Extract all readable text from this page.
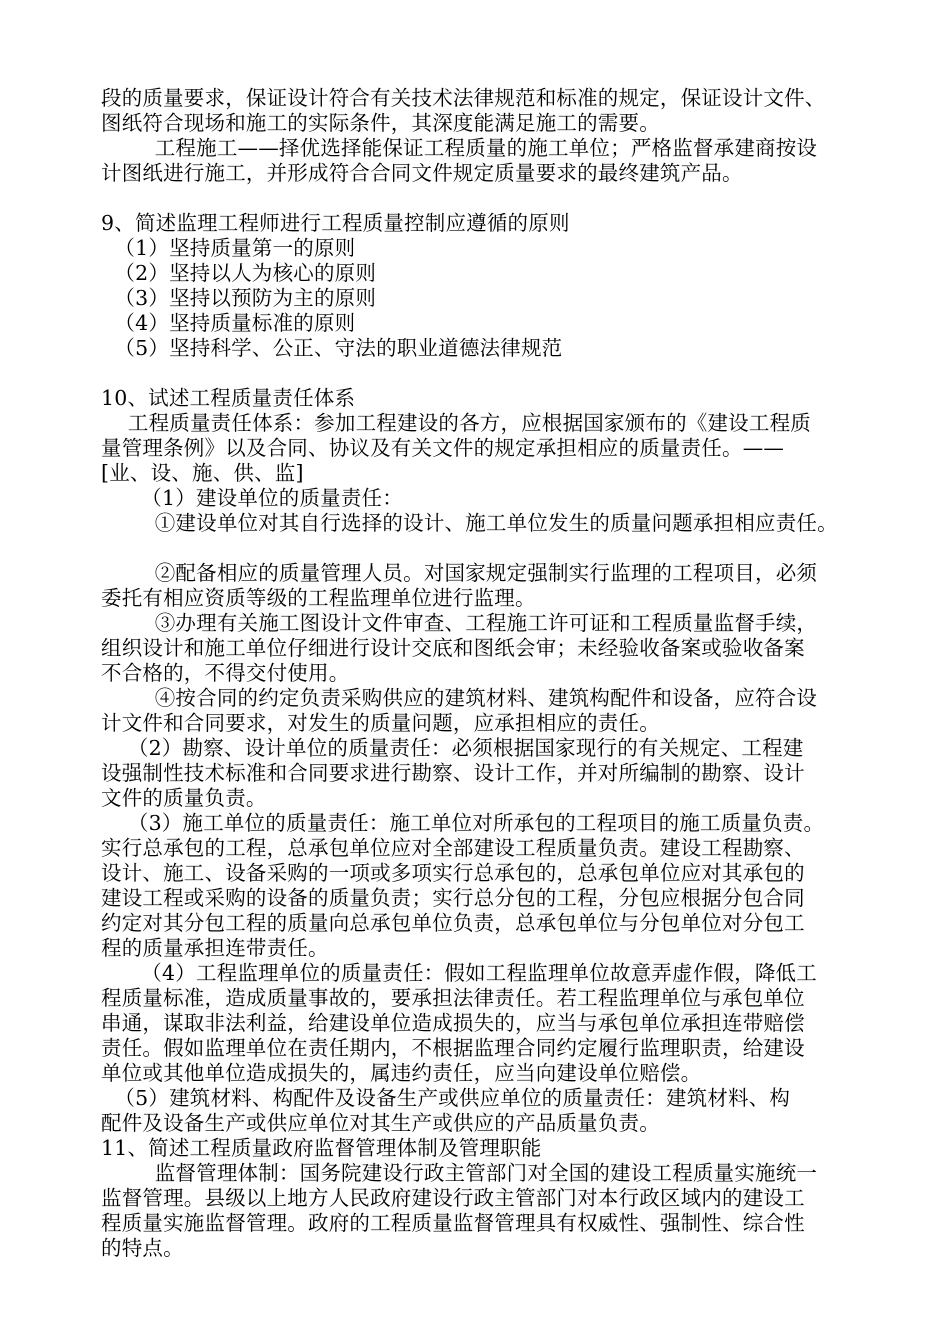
段的质量要求，保证设计符合有关技术法律规范和标准的规定，保证设计文件、
图纸符合现场和施工的实际条件，其深度能满足施工的需要。
工程施工——择优选择能保证工程质量的施工单位；严格监督承建商按设
计图纸进行施工，并形成符合合同文件规定质量要求的最终建筑产品。
9、简述监理工程师进行工程质量控制应遵循的原则
（1）坚持质量第一的原则
（2）坚持以人为核心的原则
（3）坚持以预防为主的原则
（4）坚持质量标准的原则
（5）坚持科学、公正、守法的职业道德法律规范
10、试述工程质量责任体系
工程质量责任体系：参加工程建设的各方，应根据国家颁布的《建设工程质
量管理条例》以及合同、协议及有关文件的规定承担相应的质量责任。——
[业、设、施、供、监]
（1）建设单位的质量责任：
①建设单位对其自行选择的设计、施工单位发生的质量问题承担相应责任。
②配备相应的质量管理人员。对国家规定强制实行监理的工程项目，必须
委托有相应资质等级的工程监理单位进行监理。
③办理有关施工图设计文件审查、工程施工许可证和工程质量监督手续，
组织设计和施工单位仔细进行设计交底和图纸会审；未经验收备案或验收备案
不合格的，不得交付使用。
④按合同的约定负责采购供应的建筑材料、建筑构配件和设备，应符合设
计文件和合同要求，对发生的质量问题，应承担相应的责任。
（2）勘察、设计单位的质量责任：必须根据国家现行的有关规定、工程建
设强制性技术标准和合同要求进行勘察、设计工作，并对所编制的勘察、设计
文件的质量负责。
（3）施工单位的质量责任：施工单位对所承包的工程项目的施工质量负责。
实行总承包的工程，总承包单位应对全部建设工程质量负责。建设工程勘察、
设计、施工、设备采购的一项或多项实行总承包的，总承包单位应对其承包的
建设工程或采购的设备的质量负责；实行总分包的工程，分包应根据分包合同
约定对其分包工程的质量向总承包单位负责，总承包单位与分包单位对分包工
程的质量承担连带责任。
（4）工程监理单位的质量责任：假如工程监理单位故意弄虚作假，降低工
程质量标准，造成质量事故的，要承担法律责任。若工程监理单位与承包单位
串通，谋取非法利益，给建设单位造成损失的，应当与承包单位承担连带赔偿
责任。假如监理单位在责任期内，不根据监理合同约定履行监理职责，给建设
单位或其他单位造成损失的，属违约责任，应当向建设单位赔偿。
（5）建筑材料、构配件及设备生产或供应单位的质量责任：建筑材料、构
配件及设备生产或供应单位对其生产或供应的产品质量负责。
11、简述工程质量政府监督管理体制及管理职能
监督管理体制：国务院建设行政主管部门对全国的建设工程质量实施统一
监督管理。县级以上地方人民政府建设行政主管部门对本行政区域内的建设工
程质量实施监督管理。政府的工程质量监督管理具有权威性、强制性、综合性
的特点。
